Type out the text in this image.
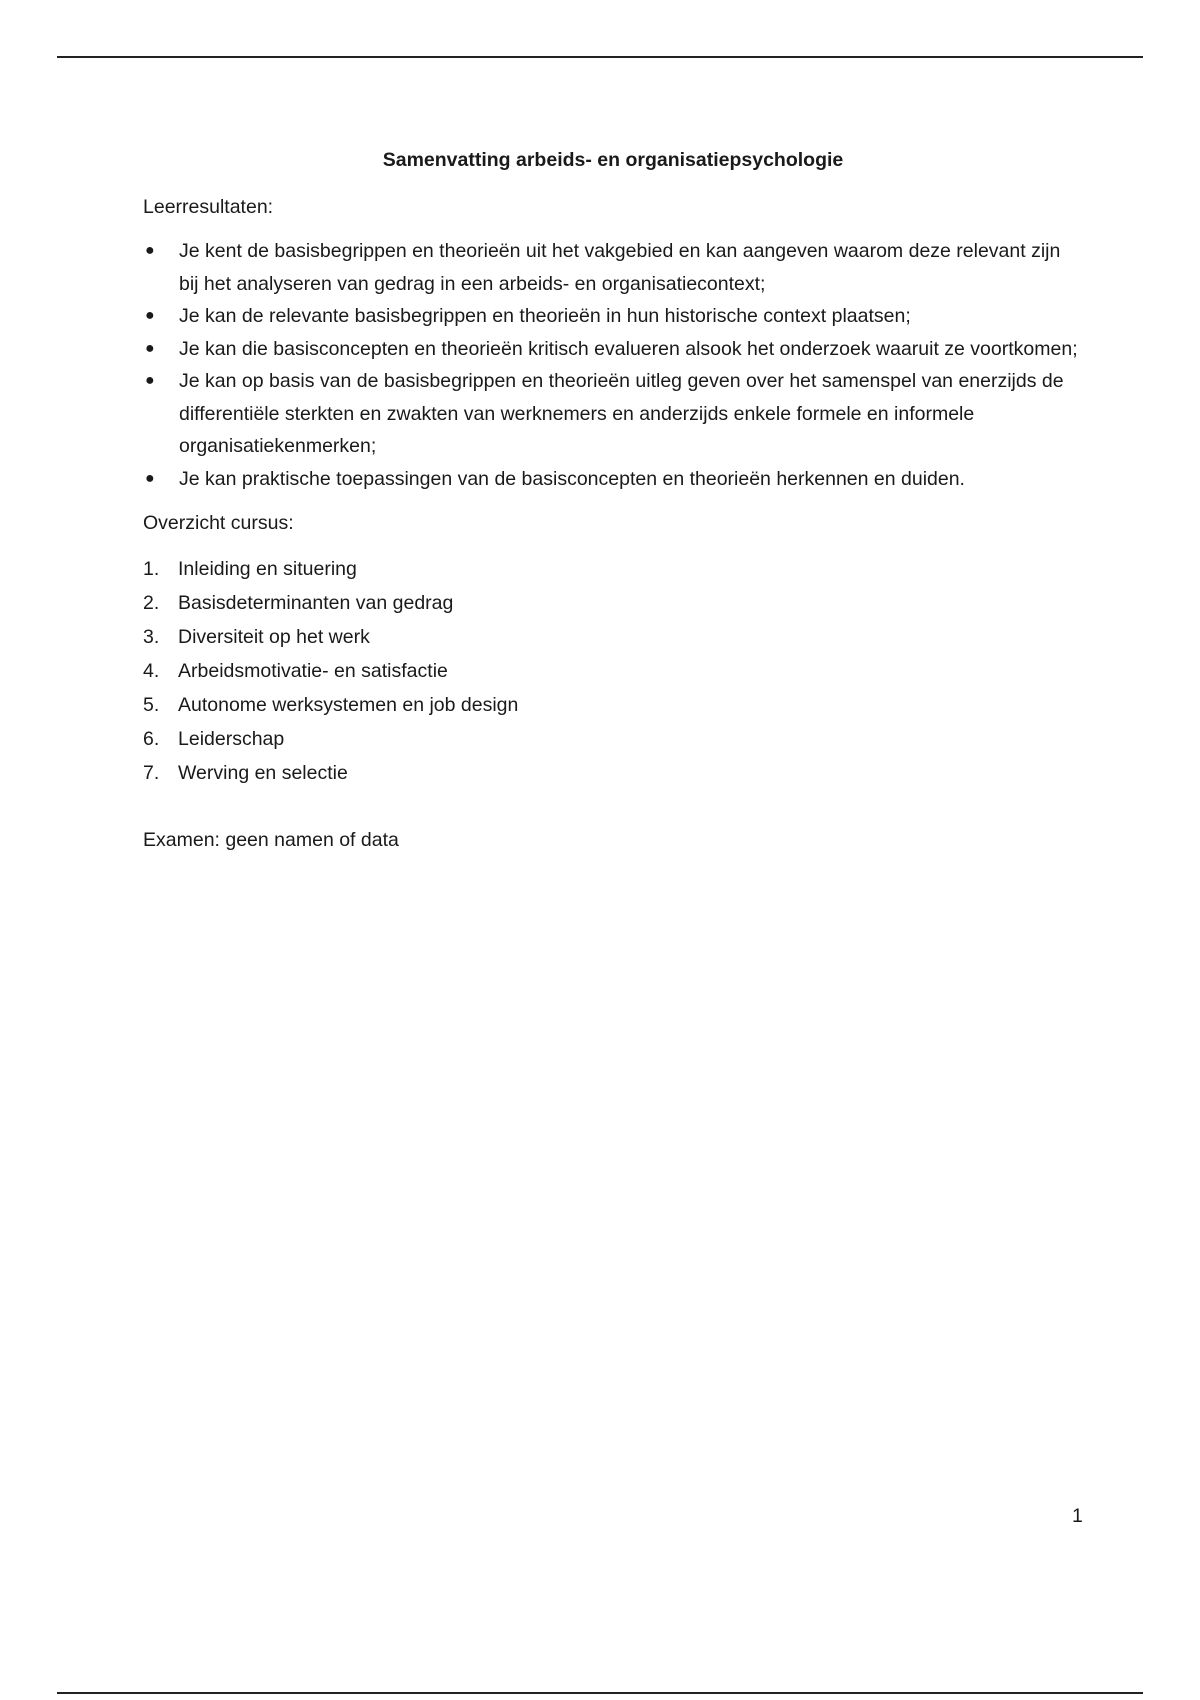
Samenvatting arbeids- en organisatiepsychologie
Leerresultaten:
● Je kent de basisbegrippen en theorieën uit het vakgebied en kan aangeven waarom deze relevant zijn bij het analyseren van gedrag in een arbeids- en organisatiecontext;
● Je kan de relevante basisbegrippen en theorieën in hun historische context plaatsen;
● Je kan die basisconcepten en theorieën kritisch evalueren alsook het onderzoek waaruit ze voortkomen;
● Je kan op basis van de basisbegrippen en theorieën uitleg geven over het samenspel van enerzijds de differentiële sterkten en zwakten van werknemers en anderzijds enkele formele en informele organisatiekenmerken;
● Je kan praktische toepassingen van de basisconcepten en theorieën herkennen en duiden.
Overzicht cursus:
1. Inleiding en situering
2. Basisdeterminanten van gedrag
3. Diversiteit op het werk
4. Arbeidsmotivatie- en satisfactie
5. Autonome werksystemen en job design
6. Leiderschap
7. Werving en selectie

Examen: geen namen of data

1
